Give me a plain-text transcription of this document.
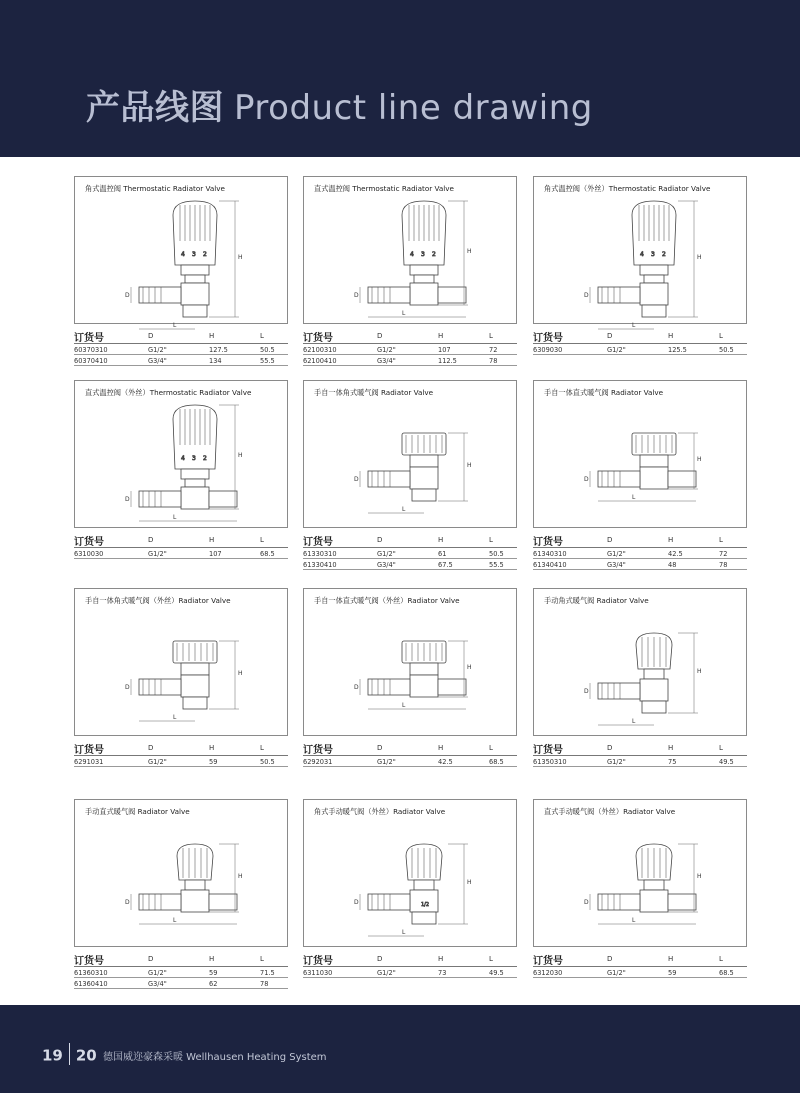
产品线图 Product line drawing
角式温控阀 Thermostatic Radiator Valve
4 3 2	H
D
L
订货号	D	H	L
60370310	G1/2"	127.5	50.5
60370410	G3/4"	134	55.5
直式温控阀 Thermostatic Radiator Valve
4 3 2	H
D
L
订货号	D	H	L
62100310	G1/2"	107	72
62100410	G3/4"	112.5	78
角式温控阀（外丝）Thermostatic Radiator Valve
4 3 2	H
D
L
订货号	D	H	L
6309030	G1/2"	125.5	50.5
直式温控阀（外丝）Thermostatic Radiator Valve
4 3 2	H
D
L
订货号	D	H	L
6310030	G1/2"	107	68.5
手自一体角式暖气阀 Radiator Valve
H
D
L
订货号	D	H	L
61330310	G1/2"	61	50.5
61330410	G3/4"	67.5	55.5
手自一体直式暖气阀 Radiator Valve
H
D
L
订货号	D	H	L
61340310	G1/2"	42.5	72
61340410	G3/4"	48	78
手自一体角式暖气阀（外丝）Radiator Valve
H
D
L
订货号	D	H	L
6291031	G1/2"	59	50.5
手自一体直式暖气阀（外丝）Radiator Valve
H
D
L
订货号	D	H	L
6292031	G1/2"	42.5	68.5
手动角式暖气阀 Radiator Valve
H
D
L
订货号	D	H	L
61350310	G1/2"	75	49.5
手动直式暖气阀 Radiator Valve
H
D
L
订货号	D	H	L
61360310	G1/2"	59	71.5
61360410	G3/4"	62	78
角式手动暖气阀（外丝）Radiator Valve
1/2
H
D
L
订货号	D	H	L
6311030	G1/2"	73	49.5
直式手动暖气阀（外丝）Radiator Valve
H
D
L
订货号	D	H	L
6312030	G1/2"	59	68.5
19 20 德国威迩豪森采暖 Wellhausen Heating System
